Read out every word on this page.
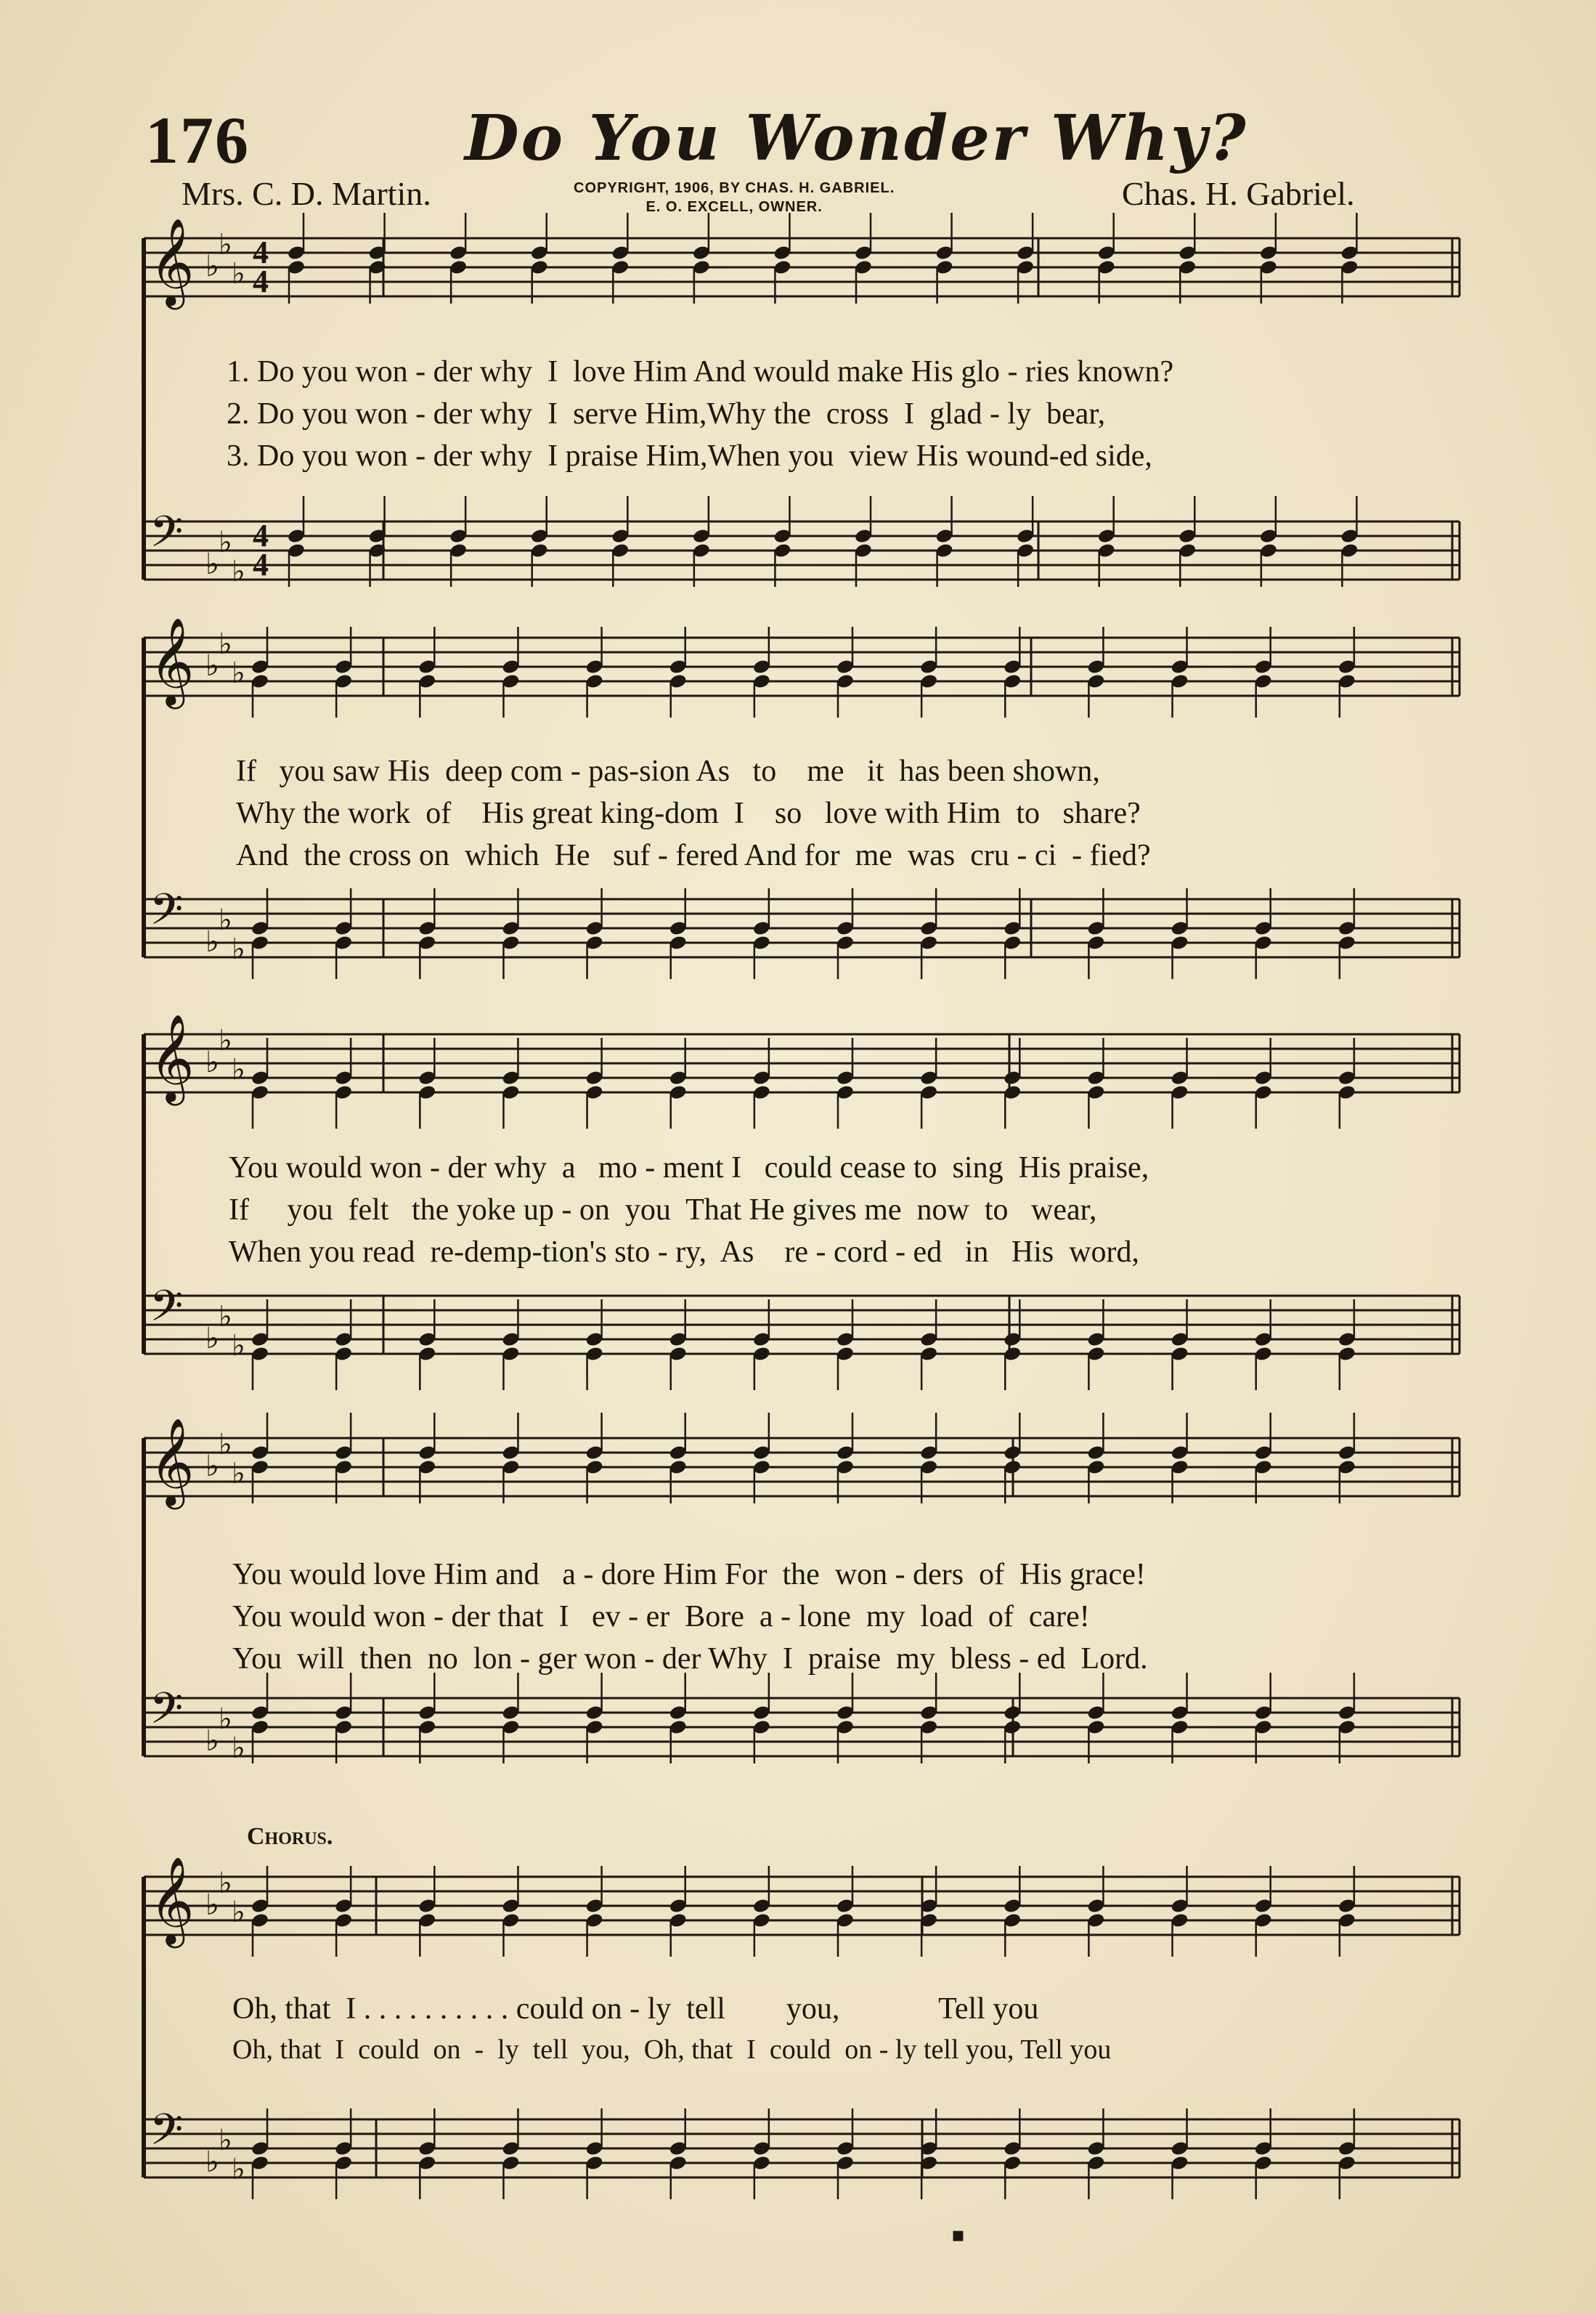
176	Do You Wonder Why?
Mrs. C. D. Martin.	COPYRIGHT, 1906, BY CHAS. H. GABRIEL.
E. O. EXCELL, OWNER.	Chas. H. Gabriel.
𝄞 ♭
♭
♭
4
4
𝄢 ♭
♭
♭
4
4
𝄞 ♭
♭
♭
𝄢 ♭
♭
♭
𝄞 ♭
♭
♭
𝄢 ♭
♭
♭
𝄞 ♭
♭
♭
𝄢 ♭
♭
♭
𝄞 ♭
♭
♭
𝄢 ♭
♭
♭
1. Do you won - der why  I  love Him And would make His glo - ries known?
2. Do you won - der why  I  serve Him,Why the  cross  I  glad - ly  bear,
3. Do you won - der why  I praise Him,When you  view His wound-ed side,
If   you saw His  deep com - pas-sion As   to    me   it  has been shown,
Why the work  of    His great king-dom  I    so   love with Him  to   share?
And  the cross on  which  He   suf - fered And for  me  was  cru - ci  - fied?
You would won - der why  a   mo - ment I   could cease to  sing  His praise,
If     you  felt   the yoke up - on  you  That He gives me  now  to   wear,
When you read  re-demp-tion's sto - ry,  As    re - cord - ed   in   His  word,
You would love Him and   a - dore Him For  the  won - ders  of  His grace!
You would won - der that  I   ev - er  Bore  a - lone  my  load  of  care!
You  will  then  no  lon - ger won - der Why  I  praise  my  bless - ed  Lord.
Chorus.
Oh, that  I . . . . . . . . . . could on - ly  tell        you,             Tell you
Oh, that  I  could  on  -  ly  tell  you,  Oh, that  I  could  on - ly tell you, Tell you
▪
